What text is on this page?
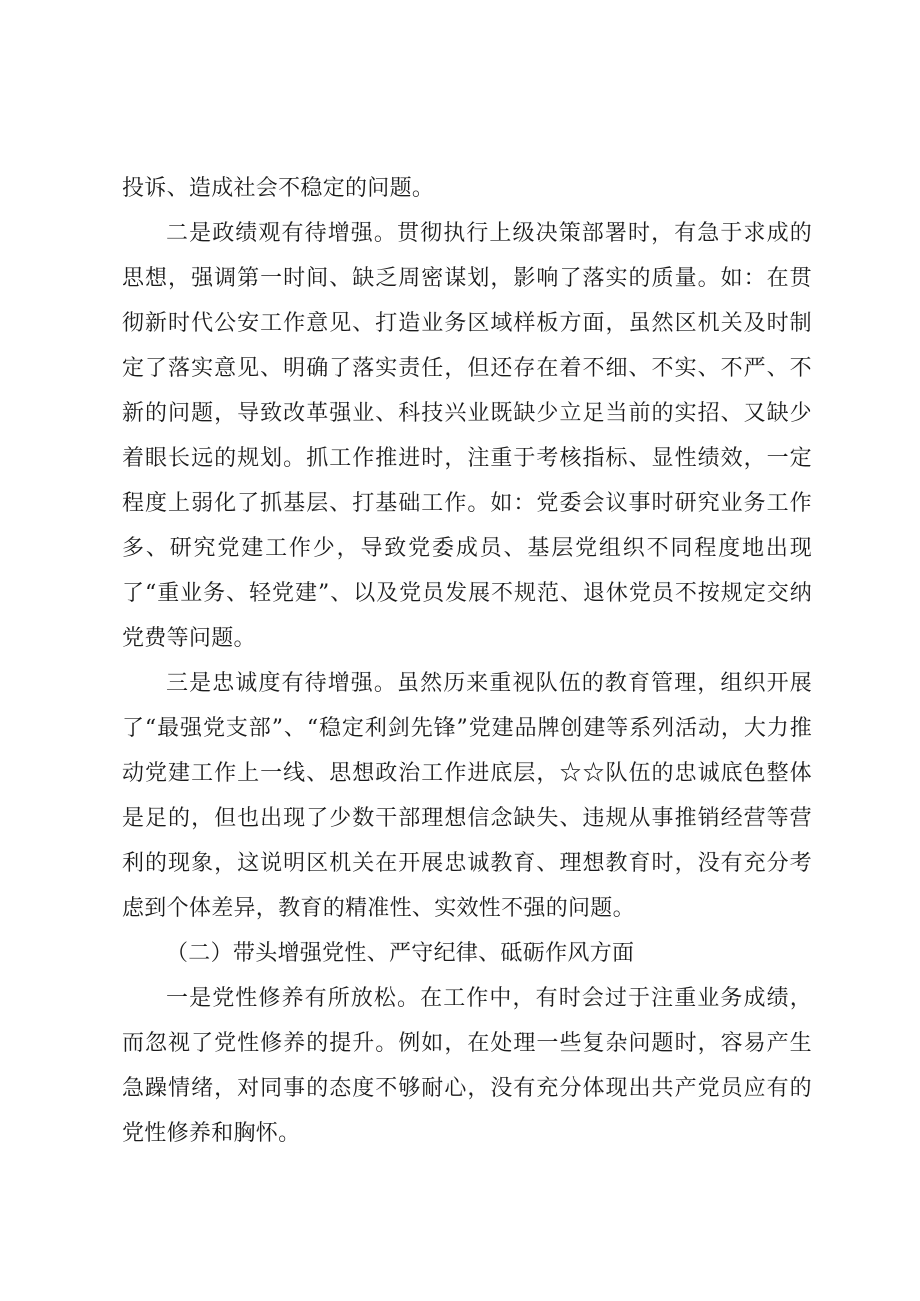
投诉、造成社会不稳定的问题。

二是政绩观有待增强。贯彻执行上级决策部署时，有急于求成的思想，强调第一时间、缺乏周密谋划，影响了落实的质量。如：在贯彻新时代公安工作意见、打造业务区域样板方面，虽然区机关及时制定了落实意见、明确了落实责任，但还存在着不细、不实、不严、不新的问题，导致改革强业、科技兴业既缺少立足当前的实招、又缺少着眼长远的规划。抓工作推进时，注重于考核指标、显性绩效，一定程度上弱化了抓基层、打基础工作。如：党委会议事时研究业务工作多、研究党建工作少，导致党委成员、基层党组织不同程度地出现了“重业务、轻党建”、以及党员发展不规范、退休党员不按规定交纳党费等问题。

三是忠诚度有待增强。虽然历来重视队伍的教育管理，组织开展了“最强党支部”、“稳定利剑先锋”党建品牌创建等系列活动，大力推动党建工作上一线、思想政治工作进底层，☆☆队伍的忠诚底色整体是足的，但也出现了少数干部理想信念缺失、违规从事推销经营等营利的现象，这说明区机关在开展忠诚教育、理想教育时，没有充分考虑到个体差异，教育的精准性、实效性不强的问题。

（二）带头增强党性、严守纪律、砥砺作风方面

一是党性修养有所放松。在工作中，有时会过于注重业务成绩，而忽视了党性修养的提升。例如，在处理一些复杂问题时，容易产生急躁情绪，对同事的态度不够耐心，没有充分体现出共产党员应有的党性修养和胸怀。
